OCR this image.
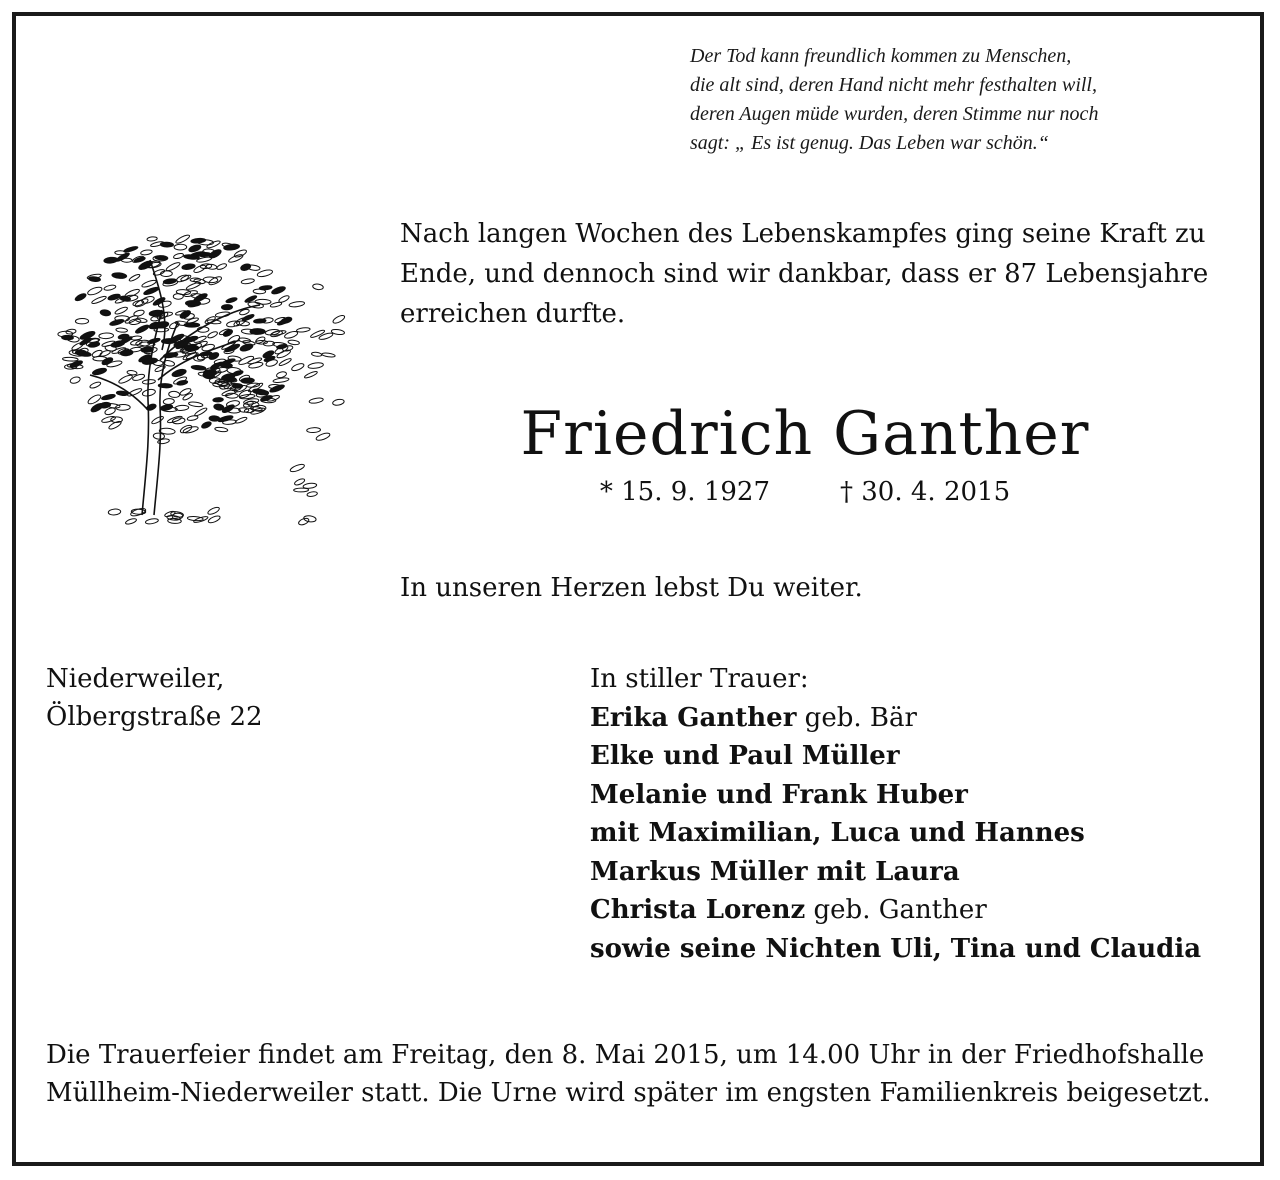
Der Tod kann freundlich kommen zu Menschen,
die alt sind, deren Hand nicht mehr festhalten will,
deren Augen müde wurden, deren Stimme nur noch
sagt: „ Es ist genug. Das Leben war schön.“
Nach langen Wochen des Lebenskampfes ging seine Kraft zu
Ende, und dennoch sind wir dankbar, dass er 87 Lebensjahre
erreichen durfte.
Friedrich Ganther
* 15. 9. 1927	† 30. 4. 2015
In unseren Herzen lebst Du weiter.
Niederweiler,
Ölbergstraße 22
In stiller Trauer:
Erika Ganther geb. Bär
Elke und Paul Müller
Melanie und Frank Huber
mit Maximilian, Luca und Hannes
Markus Müller mit Laura
Christa Lorenz geb. Ganther
sowie seine Nichten Uli, Tina und Claudia
Die Trauerfeier findet am Freitag, den 8. Mai 2015, um 14.00 Uhr in der Friedhofshalle
Müllheim-Niederweiler statt. Die Urne wird später im engsten Familienkreis beigesetzt.
